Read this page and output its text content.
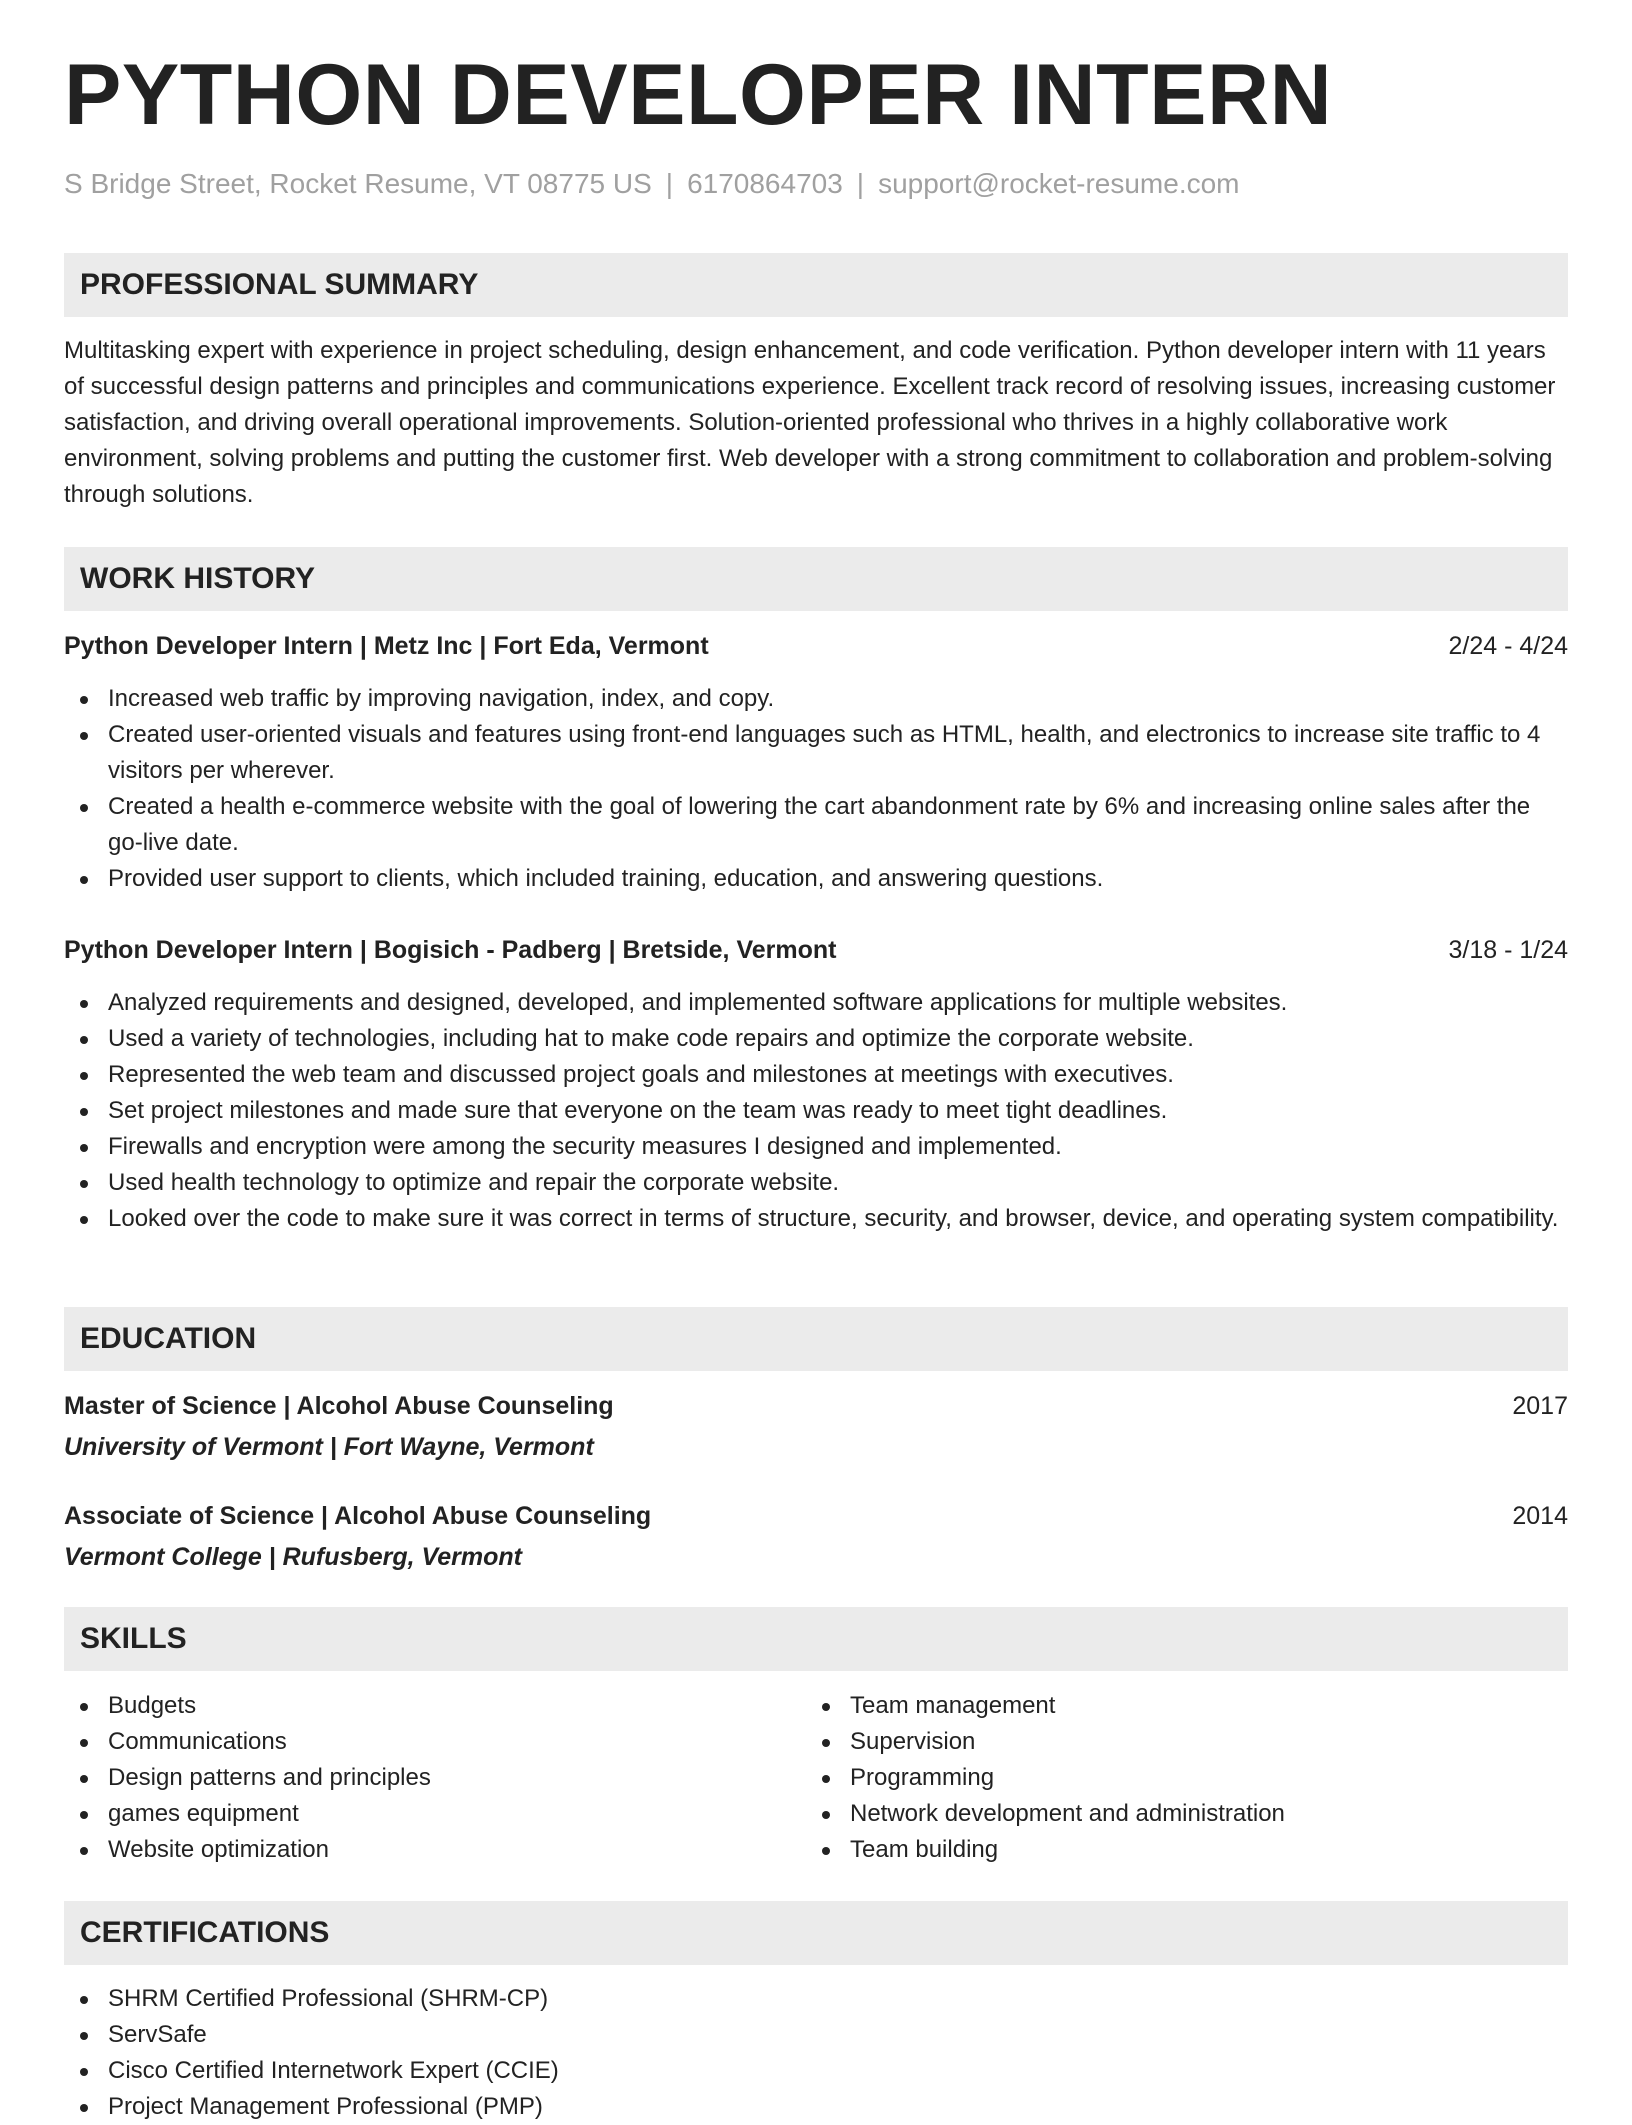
PYTHON DEVELOPER INTERN
S Bridge Street, Rocket Resume, VT 08775 US | 6170864703 | support@rocket-resume.com
PROFESSIONAL SUMMARY

Multitasking expert with experience in project scheduling, design enhancement, and code verification. Python developer intern with 11 years of successful design patterns and principles and communications experience. Excellent track record of resolving issues, increasing customer satisfaction, and driving overall operational improvements. Solution-oriented professional who thrives in a highly collaborative work environment, solving problems and putting the customer first. Web developer with a strong commitment to collaboration and problem-solving through solutions.

WORK HISTORY
Python Developer Intern | Metz Inc | Fort Eda, Vermont	2/24 - 4/24
Increased web traffic by improving navigation, index, and copy.
Created user-oriented visuals and features using front-end languages such as HTML, health, and electronics to increase site traffic to 4 visitors per wherever.
Created a health e-commerce website with the goal of lowering the cart abandonment rate by 6% and increasing online sales after the go-live date.
Provided user support to clients, which included training, education, and answering questions.
Python Developer Intern | Bogisich - Padberg | Bretside, Vermont	3/18 - 1/24
Analyzed requirements and designed, developed, and implemented software applications for multiple websites.
Used a variety of technologies, including hat to make code repairs and optimize the corporate website.
Represented the web team and discussed project goals and milestones at meetings with executives.
Set project milestones and made sure that everyone on the team was ready to meet tight deadlines.
Firewalls and encryption were among the security measures I designed and implemented.
Used health technology to optimize and repair the corporate website.
Looked over the code to make sure it was correct in terms of structure, security, and browser, device, and operating system compatibility.
EDUCATION
Master of Science | Alcohol Abuse Counseling	2017
University of Vermont | Fort Wayne, Vermont
Associate of Science | Alcohol Abuse Counseling	2014
Vermont College | Rufusberg, Vermont
SKILLS
Budgets
Communications
Design patterns and principles
games equipment
Website optimization
Team management
Supervision
Programming
Network development and administration
Team building
CERTIFICATIONS
SHRM Certified Professional (SHRM-CP)
ServSafe
Cisco Certified Internetwork Expert (CCIE)
Project Management Professional (PMP)
